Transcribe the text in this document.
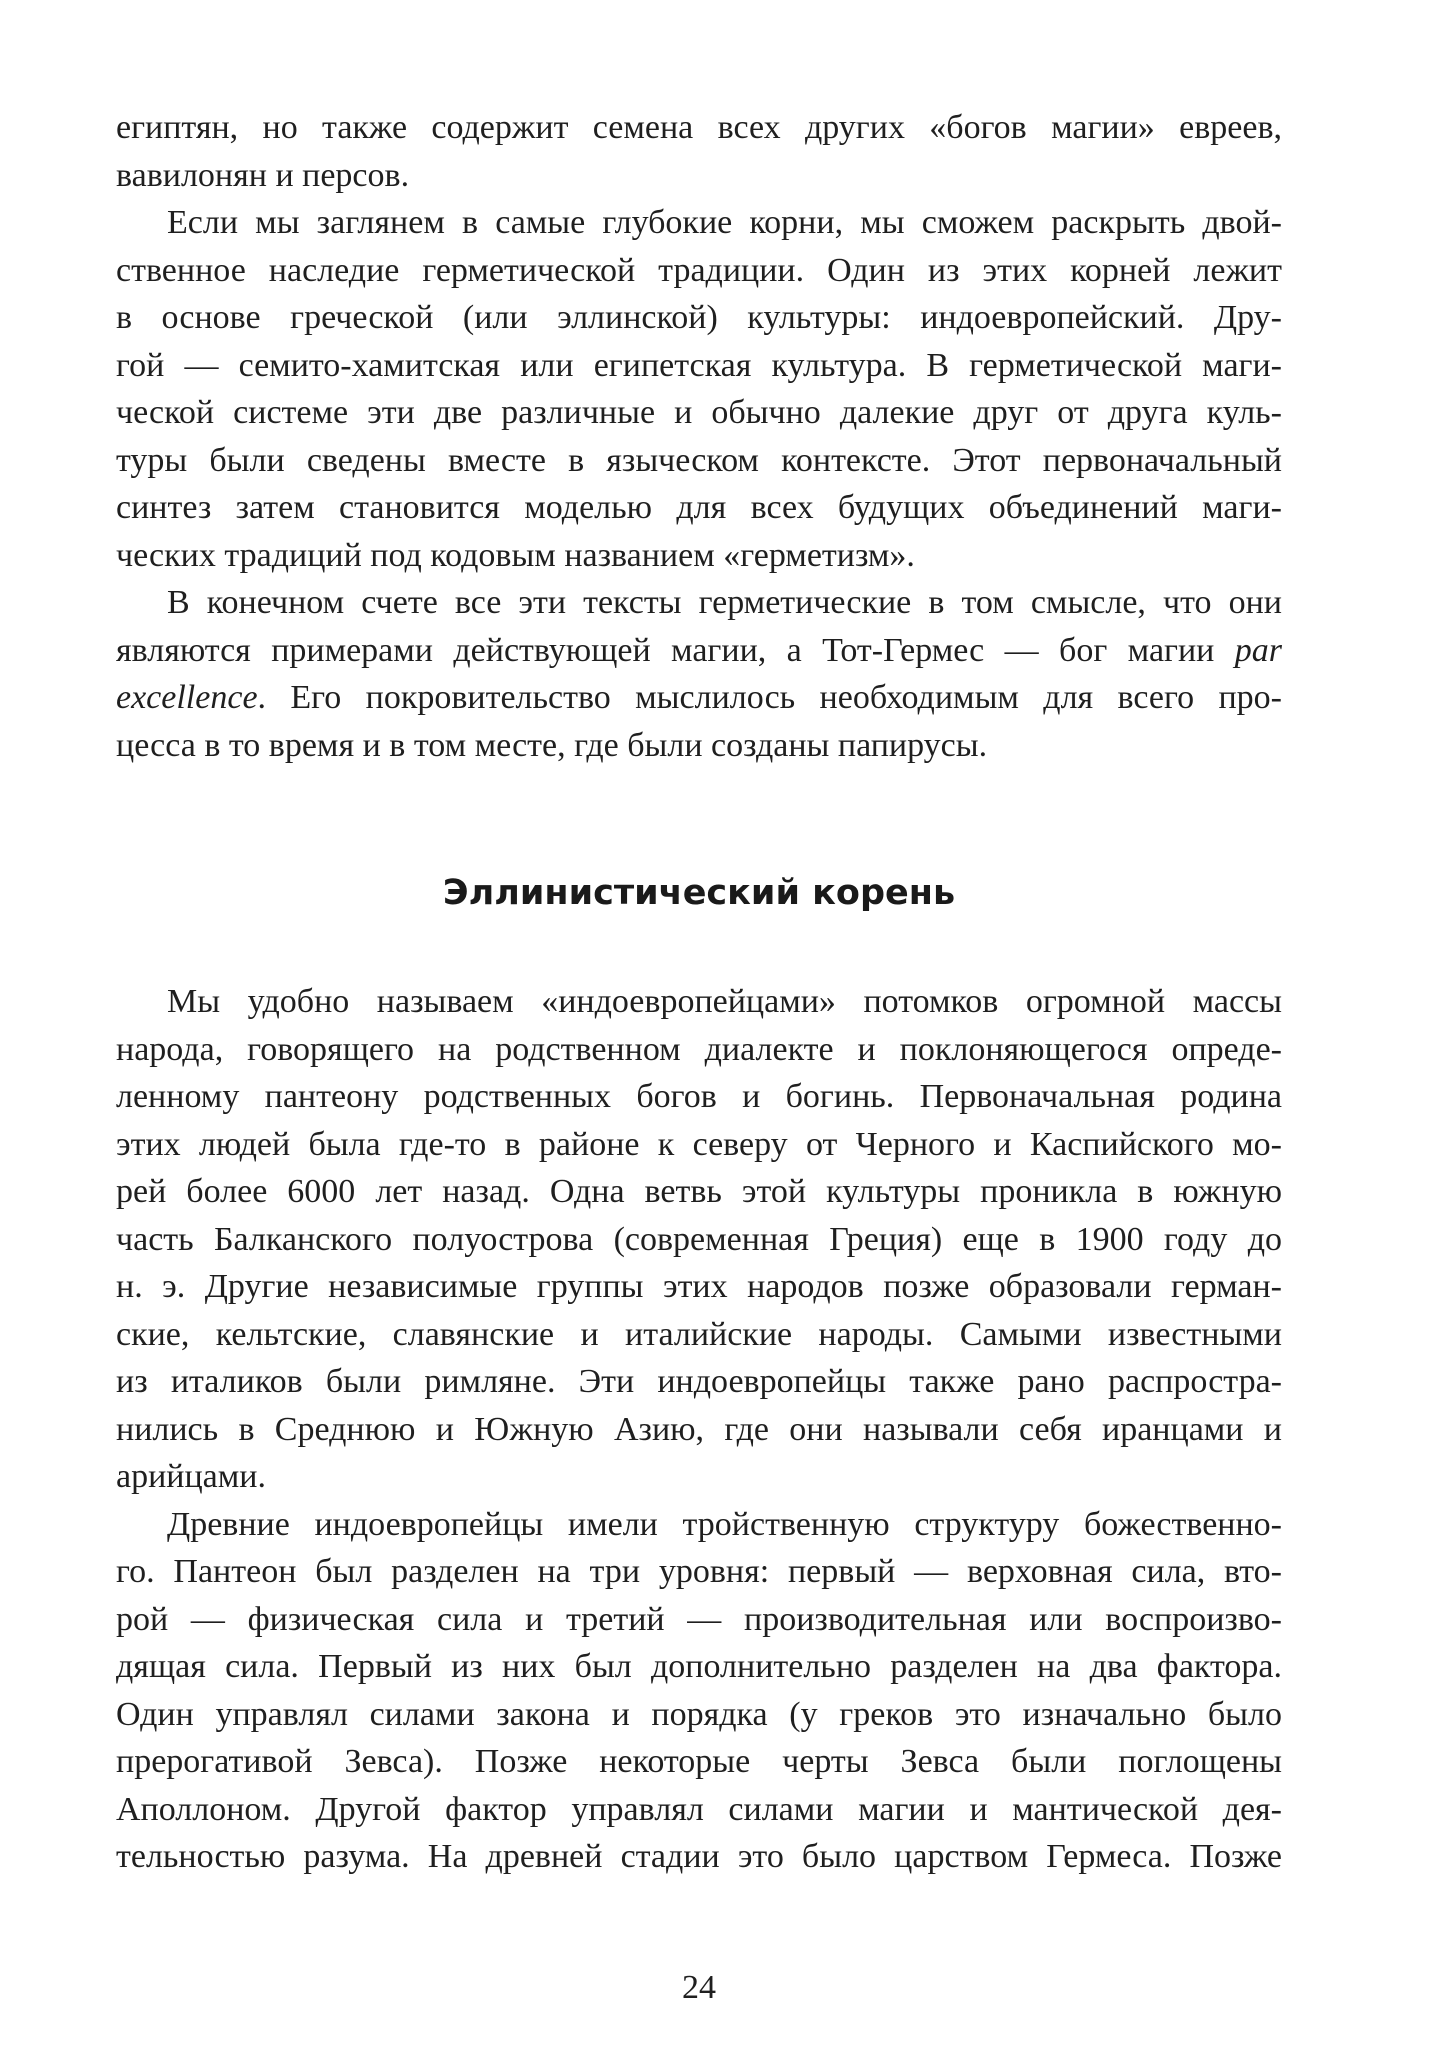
египтян, но также содержит семена всех других «богов магии» евреев,
вавилонян и персов.
Если мы заглянем в самые глубокие корни, мы сможем раскрыть двой-
ственное наследие герметической традиции. Один из этих корней лежит
в основе греческой (или эллинской) культуры: индоевропейский. Дру-
гой — семито-хамитская или египетская культура. В герметической маги-
ческой системе эти две различные и обычно далекие друг от друга куль-
туры были сведены вместе в языческом контексте. Этот первоначальный
синтез затем становится моделью для всех будущих объединений маги-
ческих традиций под кодовым названием «герметизм».
В конечном счете все эти тексты герметические в том смысле, что они
являются примерами действующей магии, а Тот-Гермес — бог магии par
excellence. Его покровительство мыслилось необходимым для всего про-
цесса в то время и в том месте, где были созданы папирусы.
Эллинистический корень
Мы удобно называем «индоевропейцами» потомков огромной массы
народа, говорящего на родственном диалекте и поклоняющегося опреде-
ленному пантеону родственных богов и богинь. Первоначальная родина
этих людей была где-то в районе к северу от Черного и Каспийского мо-
рей более 6000 лет назад. Одна ветвь этой культуры проникла в южную
часть Балканского полуострова (современная Греция) еще в 1900 году до
н. э. Другие независимые группы этих народов позже образовали герман-
ские, кельтские, славянские и италийские народы. Самыми известными
из италиков были римляне. Эти индоевропейцы также рано распростра-
нились в Среднюю и Южную Азию, где они называли себя иранцами и
арийцами.
Древние индоевропейцы имели тройственную структуру божественно-
го. Пантеон был разделен на три уровня: первый — верховная сила, вто-
рой — физическая сила и третий — производительная или воспроизво-
дящая сила. Первый из них был дополнительно разделен на два фактора.
Один управлял силами закона и порядка (у греков это изначально было
прерогативой Зевса). Позже некоторые черты Зевса были поглощены
Аполлоном. Другой фактор управлял силами магии и мантической дея-
тельностью разума. На древней стадии это было царством Гермеса. Позже
24
